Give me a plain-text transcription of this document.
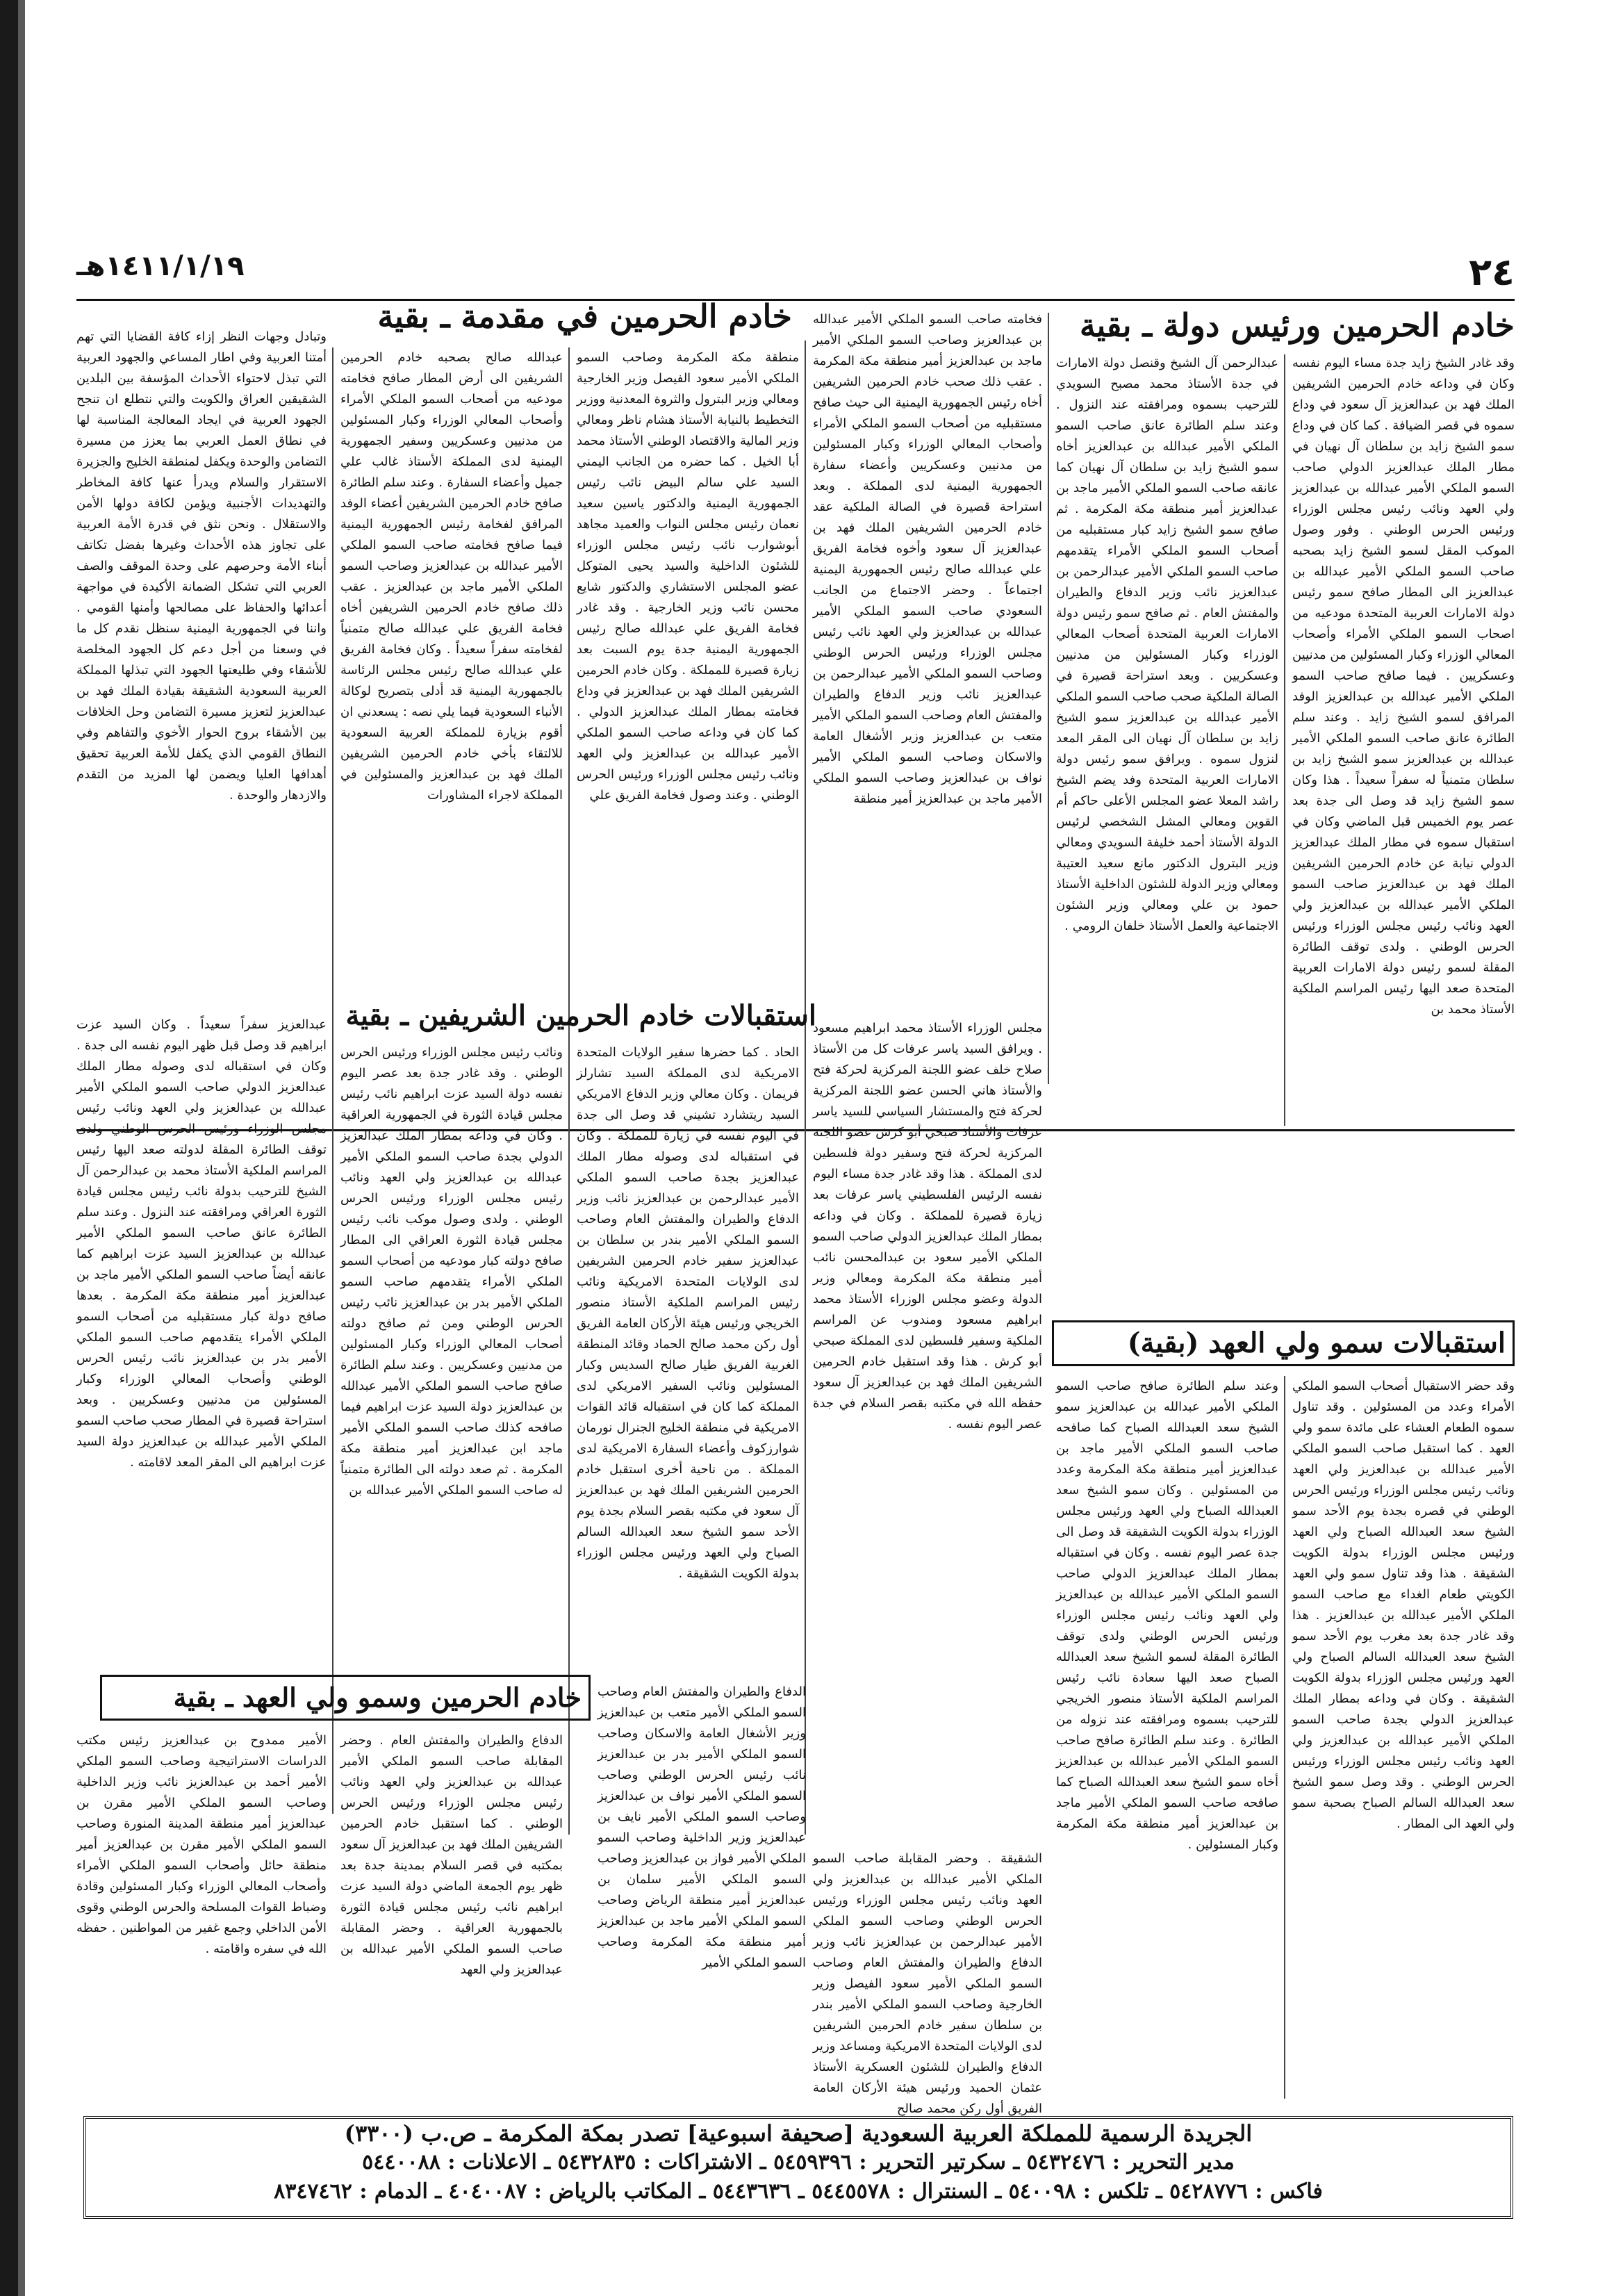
٢٤
١٤١١/١/١٩هـ
خادم الحرمين ورئيس دولة ـ بقية
خادم الحرمين في مقدمة ـ بقية

وقد غادر الشيخ زايد جدة مساء اليوم نفسه وكان في وداعه خادم الحرمين الشريفين الملك فهد بن عبدالعزيز آل سعود في وداع سموه في قصر الضيافة . كما كان في وداع سمو الشيخ زايد بن سلطان آل نهيان في مطار الملك عبدالعزيز الدولي صاحب السمو الملكي الأمير عبدالله بن عبدالعزيز ولي العهد ونائب رئيس مجلس الوزراء ورئيس الحرس الوطني . وفور وصول الموكب المقل لسمو الشيخ زايد بصحبه صاحب السمو الملكي الأمير عبدالله بن عبدالعزيز الى المطار صافح سمو رئيس دولة الامارات العربية المتحدة مودعيه من اصحاب السمو الملكي الأمراء وأصحاب المعالي الوزراء وكبار المسئولين من مدنيين وعسكريين . فيما صافح صاحب السمو الملكي الأمير عبدالله بن عبدالعزيز الوفد المرافق لسمو الشيخ زايد . وعند سلم الطائرة عانق صاحب السمو الملكي الأمير عبدالله بن عبدالعزيز سمو الشيخ زايد بن سلطان متمنياً له سفراً سعيداً . هذا وكان سمو الشيخ زايد قد وصل الى جدة بعد عصر يوم الخميس قبل الماضي وكان في استقبال سموه في مطار الملك عبدالعزيز الدولي نيابة عن خادم الحرمين الشريفين الملك فهد بن عبدالعزيز صاحب السمو الملكي الأمير عبدالله بن عبدالعزيز ولي العهد ونائب رئيس مجلس الوزراء ورئيس الحرس الوطني . ولدى توقف الطائرة المقلة لسمو رئيس دولة الامارات العربية المتحدة صعد اليها رئيس المراسم الملكية الأستاذ محمد بن

عبدالرحمن آل الشيخ وقنصل دولة الامارات في جدة الأستاذ محمد مصبح السويدي للترحيب بسموه ومرافقته عند النزول . وعند سلم الطائرة عانق صاحب السمو الملكي الأمير عبدالله بن عبدالعزيز أخاه سمو الشيخ زايد بن سلطان آل نهيان كما عانقه صاحب السمو الملكي الأمير ماجد بن عبدالعزيز أمير منطقة مكة المكرمة . ثم صافح سمو الشيخ زايد كبار مستقبليه من أصحاب السمو الملكي الأمراء يتقدمهم صاحب السمو الملكي الأمير عبدالرحمن بن عبدالعزيز نائب وزير الدفاع والطيران والمفتش العام . ثم صافح سمو رئيس دولة الامارات العربية المتحدة أصحاب المعالي الوزراء وكبار المسئولين من مدنيين وعسكريين . وبعد استراحة قصيرة في الصالة الملكية صحب صاحب السمو الملكي الأمير عبدالله بن عبدالعزيز سمو الشيخ زايد بن سلطان آل نهيان الى المقر المعد لنزول سموه . ويرافق سمو رئيس دولة الامارات العربية المتحدة وفد يضم الشيخ راشد المعلا عضو المجلس الأعلى حاكم أم القوين ومعالي المشل الشخصي لرئيس الدولة الأستاذ أحمد خليفة السويدي ومعالي وزير البترول الدكتور مانع سعيد العتيبة ومعالي وزير الدولة للشئون الداخلية الأستاذ حمود بن علي ومعالي وزير الشئون الاجتماعية والعمل الأستاذ خلفان الرومي .

فخامته صاحب السمو الملكي الأمير عبدالله بن عبدالعزيز وصاحب السمو الملكي الأمير ماجد بن عبدالعزيز أمير منطقة مكة المكرمة . عقب ذلك صحب خادم الحرمين الشريفين أخاه رئيس الجمهورية اليمنية الى حيث صافح مستقبليه من أصحاب السمو الملكي الأمراء وأصحاب المعالي الوزراء وكبار المسئولين من مدنيين وعسكريين وأعضاء سفارة الجمهورية اليمنية لدى المملكة . وبعد استراحة قصيرة في الصالة الملكية عقد خادم الحرمين الشريفين الملك فهد بن عبدالعزيز آل سعود وأخوه فخامة الفريق علي عبدالله صالح رئيس الجمهورية اليمنية اجتماعاً . وحضر الاجتماع من الجانب السعودي صاحب السمو الملكي الأمير عبدالله بن عبدالعزيز ولي العهد نائب رئيس مجلس الوزراء ورئيس الحرس الوطني وصاحب السمو الملكي الأمير عبدالرحمن بن عبدالعزيز نائب وزير الدفاع والطيران والمفتش العام وصاحب السمو الملكي الأمير متعب بن عبدالعزيز وزير الأشغال العامة والاسكان وصاحب السمو الملكي الأمير نواف بن عبدالعزيز وصاحب السمو الملكي الأمير ماجد بن عبدالعزيز أمير منطقة

منطقة مكة المكرمة وصاحب السمو الملكي الأمير سعود الفيصل وزير الخارجية ومعالي وزير البترول والثروة المعدنية ووزير التخطيط بالنيابة الأستاذ هشام ناظر ومعالي وزير المالية والاقتصاد الوطني الأستاذ محمد أبا الخيل . كما حضره من الجانب اليمني السيد علي سالم البيض نائب رئيس الجمهورية اليمنية والدكتور ياسين سعيد نعمان رئيس مجلس النواب والعميد مجاهد أبوشوارب نائب رئيس مجلس الوزراء للشئون الداخلية والسيد يحيى المتوكل عضو المجلس الاستشاري والدكتور شايع محسن نائب وزير الخارجية . وقد غادر فخامة الفريق علي عبدالله صالح رئيس الجمهورية اليمنية جدة يوم السبت بعد زيارة قصيرة للمملكة . وكان خادم الحرمين الشريفين الملك فهد بن عبدالعزيز في وداع فخامته بمطار الملك عبدالعزيز الدولي . كما كان في وداعه صاحب السمو الملكي الأمير عبدالله بن عبدالعزيز ولي العهد ونائب رئيس مجلس الوزراء ورئيس الحرس الوطني . وعند وصول فخامة الفريق علي

عبدالله صالح بصحبه خادم الحرمين الشريفين الى أرض المطار صافح فخامته مودعيه من أصحاب السمو الملكي الأمراء وأصحاب المعالي الوزراء وكبار المسئولين من مدنيين وعسكريين وسفير الجمهورية اليمنية لدى المملكة الأستاذ غالب علي جميل وأعضاء السفارة . وعند سلم الطائرة صافح خادم الحرمين الشريفين أعضاء الوفد المرافق لفخامة رئيس الجمهورية اليمنية فيما صافح فخامته صاحب السمو الملكي الأمير عبدالله بن عبدالعزيز وصاحب السمو الملكي الأمير ماجد بن عبدالعزيز . عقب ذلك صافح خادم الحرمين الشريفين أخاه فخامة الفريق علي عبدالله صالح متمنياً لفخامته سفراً سعيداً . وكان فخامة الفريق علي عبدالله صالح رئيس مجلس الرئاسة بالجمهورية اليمنية قد أدلى بتصريح لوكالة الأنباء السعودية فيما يلي نصه : يسعدني ان أقوم بزيارة للمملكة العربية السعودية للالتقاء بأخي خادم الحرمين الشريفين الملك فهد بن عبدالعزيز والمسئولين في المملكة لاجراء المشاورات

وتبادل وجهات النظر إزاء كافة القضايا التي تهم أمتنا العربية وفي اطار المساعي والجهود العربية التي تبذل لاحتواء الأحداث المؤسفة بين البلدين الشقيقين العراق والكويت والتي نتطلع ان تنجح الجهود العربية في ايجاد المعالجة المناسبة لها في نطاق العمل العربي بما يعزز من مسيرة التضامن والوحدة ويكفل لمنطقة الخليج والجزيرة الاستقرار والسلام ويدرأ عنها كافة المخاطر والتهديدات الأجنبية ويؤمن لكافة دولها الأمن والاستقلال . ونحن نثق في قدرة الأمة العربية على تجاوز هذه الأحداث وغيرها بفضل تكاتف أبناء الأمة وحرصهم على وحدة الموقف والصف العربي التي تشكل الضمانة الأكيدة في مواجهة أعدائها والحفاظ على مصالحها وأمنها القومي . واننا في الجمهورية اليمنية سنظل نقدم كل ما في وسعنا من أجل دعم كل الجهود المخلصة للأشقاء وفي طليعتها الجهود التي تبذلها المملكة العربية السعودية الشقيقة بقيادة الملك فهد بن عبدالعزيز لتعزيز مسيرة التضامن وحل الخلافات بين الأشقاء بروح الحوار الأخوي والتفاهم وفي النطاق القومي الذي يكفل للأمة العربية تحقيق أهدافها العليا ويضمن لها المزيد من التقدم والازدهار والوحدة .

استقبالات خادم الحرمين الشريفين ـ بقية

مجلس الوزراء الأستاذ محمد ابراهيم مسعود . ويرافق السيد ياسر عرفات كل من الأستاذ صلاح خلف عضو اللجنة المركزية لحركة فتح والأستاذ هاني الحسن عضو اللجنة المركزية لحركة فتح والمستشار السياسي للسيد ياسر عرفات والأستاذ صبحي أبو كرش عضو اللجنة المركزية لحركة فتح وسفير دولة فلسطين لدى المملكة . هذا وقد غادر جدة مساء اليوم نفسه الرئيس الفلسطيني ياسر عرفات بعد زيارة قصيرة للمملكة . وكان في وداعه بمطار الملك عبدالعزيز الدولي صاحب السمو الملكي الأمير سعود بن عبدالمحسن نائب أمير منطقة مكة المكرمة ومعالي وزير الدولة وعضو مجلس الوزراء الأستاذ محمد ابراهيم مسعود ومندوب عن المراسم الملكية وسفير فلسطين لدى المملكة صبحي أبو كرش . هذا وقد استقبل خادم الحرمين الشريفين الملك فهد بن عبدالعزيز آل سعود حفظه الله في مكتبه بقصر السلام في جدة عصر اليوم نفسه .

الحاد . كما حضرها سفير الولايات المتحدة الامريكية لدى المملكة السيد تشارلز فريمان . وكان معالي وزير الدفاع الامريكي السيد ريتشارد تشيني قد وصل الى جدة في اليوم نفسه في زيارة للمملكة . وكان في استقباله لدى وصوله مطار الملك عبدالعزيز بجدة صاحب السمو الملكي الأمير عبدالرحمن بن عبدالعزيز نائب وزير الدفاع والطيران والمفتش العام وصاحب السمو الملكي الأمير بندر بن سلطان بن عبدالعزيز سفير خادم الحرمين الشريفين لدى الولايات المتحدة الامريكية ونائب رئيس المراسم الملكية الأستاذ منصور الخريجي ورئيس هيئة الأركان العامة الفريق أول ركن محمد صالح الحماد وقائد المنطقة الغربية الفريق طيار صالح السديس وكبار المسئولين ونائب السفير الامريكي لدى المملكة كما كان في استقباله قائد القوات الامريكية في منطقة الخليج الجنرال نورمان شوارزكوف وأعضاء السفارة الامريكية لدى المملكة . من ناحية أخرى استقبل خادم الحرمين الشريفين الملك فهد بن عبدالعزيز آل سعود في مكتبه بقصر السلام بجدة يوم الأحد سمو الشيخ سعد العبدالله السالم الصباح ولي العهد ورئيس مجلس الوزراء بدولة الكويت الشقيقة .

ونائب رئيس مجلس الوزراء ورئيس الحرس الوطني . وقد غادر جدة بعد عصر اليوم نفسه دولة السيد عزت ابراهيم نائب رئيس مجلس قيادة الثورة في الجمهورية العراقية . وكان في وداعه بمطار الملك عبدالعزيز الدولي بجدة صاحب السمو الملكي الأمير عبدالله بن عبدالعزيز ولي العهد ونائب رئيس مجلس الوزراء ورئيس الحرس الوطني . ولدى وصول موكب نائب رئيس مجلس قيادة الثورة العراقي الى المطار صافح دولته كبار مودعيه من أصحاب السمو الملكي الأمراء يتقدمهم صاحب السمو الملكي الأمير بدر بن عبدالعزيز نائب رئيس الحرس الوطني ومن ثم صافح دولته أصحاب المعالي الوزراء وكبار المسئولين من مدنيين وعسكريين . وعند سلم الطائرة صافح صاحب السمو الملكي الأمير عبدالله بن عبدالعزيز دولة السيد عزت ابراهيم فيما صافحه كذلك صاحب السمو الملكي الأمير ماجد ابن عبدالعزيز أمير منطقة مكة المكرمة . ثم صعد دولته الى الطائرة متمنياً له صاحب السمو الملكي الأمير عبدالله بن

عبدالعزيز سفراً سعيداً . وكان السيد عزت ابراهيم قد وصل قبل ظهر اليوم نفسه الى جدة . وكان في استقباله لدى وصوله مطار الملك عبدالعزيز الدولي صاحب السمو الملكي الأمير عبدالله بن عبدالعزيز ولي العهد ونائب رئيس مجلس الوزراء ورئيس الحرس الوطني ولدى توقف الطائرة المقلة لدولته صعد اليها رئيس المراسم الملكية الأستاذ محمد بن عبدالرحمن آل الشيخ للترحيب بدولة نائب رئيس مجلس قيادة الثورة العراقي ومرافقته عند النزول . وعند سلم الطائرة عانق صاحب السمو الملكي الأمير عبدالله بن عبدالعزيز السيد عزت ابراهيم كما عانقه أيضاً صاحب السمو الملكي الأمير ماجد بن عبدالعزيز أمير منطقة مكة المكرمة . بعدها صافح دولة كبار مستقبليه من أصحاب السمو الملكي الأمراء يتقدمهم صاحب السمو الملكي الأمير بدر بن عبدالعزيز نائب رئيس الحرس الوطني وأصحاب المعالي الوزراء وكبار المسئولين من مدنيين وعسكريين . وبعد استراحة قصيرة في المطار صحب صاحب السمو الملكي الأمير عبدالله بن عبدالعزيز دولة السيد عزت ابراهيم الى المقر المعد لاقامته .

استقبالات سمو ولي العهد (بقية)

وقد حضر الاستقبال أصحاب السمو الملكي الأمراء وعدد من المسئولين . وقد تناول سموه الطعام العشاء على مائدة سمو ولي العهد . كما استقبل صاحب السمو الملكي الأمير عبدالله بن عبدالعزيز ولي العهد ونائب رئيس مجلس الوزراء ورئيس الحرس الوطني في قصره بجدة يوم الأحد سمو الشيخ سعد العبدالله الصباح ولي العهد ورئيس مجلس الوزراء بدولة الكويت الشقيقة . هذا وقد تناول سمو ولي العهد الكويتي طعام الغداء مع صاحب السمو الملكي الأمير عبدالله بن عبدالعزيز . هذا وقد غادر جدة بعد مغرب يوم الأحد سمو الشيخ سعد العبدالله السالم الصباح ولي العهد ورئيس مجلس الوزراء بدولة الكويت الشقيقة . وكان في وداعه بمطار الملك عبدالعزيز الدولي بجدة صاحب السمو الملكي الأمير عبدالله بن عبدالعزيز ولي العهد ونائب رئيس مجلس الوزراء ورئيس الحرس الوطني . وقد وصل سمو الشيخ سعد العبدالله السالم الصباح بصحبة سمو ولي العهد الى المطار .

وعند سلم الطائرة صافح صاحب السمو الملكي الأمير عبدالله بن عبدالعزيز سمو الشيخ سعد العبدالله الصباح كما صافحه صاحب السمو الملكي الأمير ماجد بن عبدالعزيز أمير منطقة مكة المكرمة وعدد من المسئولين . وكان سمو الشيخ سعد العبدالله الصباح ولي العهد ورئيس مجلس الوزراء بدولة الكويت الشقيقة قد وصل الى جدة عصر اليوم نفسه . وكان في استقباله بمطار الملك عبدالعزيز الدولي صاحب السمو الملكي الأمير عبدالله بن عبدالعزيز ولي العهد ونائب رئيس مجلس الوزراء ورئيس الحرس الوطني ولدى توقف الطائرة المقلة لسمو الشيخ سعد العبدالله الصباح صعد اليها سعادة نائب رئيس المراسم الملكية الأستاذ منصور الخريجي للترحيب بسموه ومرافقته عند نزوله من الطائرة . وعند سلم الطائرة صافح صاحب السمو الملكي الأمير عبدالله بن عبدالعزيز أخاه سمو الشيخ سعد العبدالله الصباح كما صافحه صاحب السمو الملكي الأمير ماجد بن عبدالعزيز أمير منطقة مكة المكرمة وكبار المسئولين .

خادم الحرمين وسمو ولي العهد ـ بقية	الدفاع والطيران والمفتش العام وصاحب السمو الملكي الأمير متعب بن عبدالعزيز وزير الأشغال العامة والاسكان وصاحب السمو الملكي الأمير بدر بن عبدالعزيز نائب رئيس الحرس الوطني وصاحب السمو الملكي الأمير نواف بن عبدالعزيز وصاحب السمو الملكي الأمير نايف بن عبدالعزيز وزير الداخلية وصاحب السمو الملكي الأمير فواز بن عبدالعزيز وصاحب السمو الملكي الأمير سلمان بن عبدالعزيز أمير منطقة الرياض وصاحب السمو الملكي الأمير ماجد بن عبدالعزيز أمير منطقة مكة المكرمة وصاحب السمو الملكي الأمير

الأمير ممدوح بن عبدالعزيز رئيس مكتب الدراسات الاستراتيجية وصاحب السمو الملكي الأمير أحمد بن عبدالعزيز نائب وزير الداخلية وصاحب السمو الملكي الأمير مقرن بن عبدالعزيز أمير منطقة المدينة المنورة وصاحب السمو الملكي الأمير مقرن بن عبدالعزيز أمير منطقة حائل وأصحاب السمو الملكي الأمراء وأصحاب المعالي الوزراء وكبار المسئولين وقادة وضباط القوات المسلحة والحرس الوطني وقوى الأمن الداخلي وجمع غفير من المواطنين . حفظه الله في سفره واقامته .

الدفاع والطيران والمفتش العام . وحضر المقابلة صاحب السمو الملكي الأمير عبدالله بن عبدالعزيز ولي العهد ونائب رئيس مجلس الوزراء ورئيس الحرس الوطني . كما استقبل خادم الحرمين الشريفين الملك فهد بن عبدالعزيز آل سعود بمكتبه في قصر السلام بمدينة جدة بعد ظهر يوم الجمعة الماضي دولة السيد عزت ابراهيم نائب رئيس مجلس قيادة الثورة بالجمهورية العراقية . وحضر المقابلة صاحب السمو الملكي الأمير عبدالله بن عبدالعزيز ولي العهد

الشقيقة . وحضر المقابلة صاحب السمو الملكي الأمير عبدالله بن عبدالعزيز ولي العهد ونائب رئيس مجلس الوزراء ورئيس الحرس الوطني وصاحب السمو الملكي الأمير عبدالرحمن بن عبدالعزيز نائب وزير الدفاع والطيران والمفتش العام وصاحب السمو الملكي الأمير سعود الفيصل وزير الخارجية وصاحب السمو الملكي الأمير بندر بن سلطان سفير خادم الحرمين الشريفين لدى الولايات المتحدة الامريكية ومساعد وزير الدفاع والطيران للشئون العسكرية الأستاذ عثمان الحميد ورئيس هيئة الأركان العامة الفريق أول ركن محمد صالح

الجريدة الرسمية للمملكة العربية السعودية [صحيفة اسبوعية] تصدر بمكة المكرمة ـ ص.ب (٣٣٠٠)
مدير التحرير : ٥٤٣٢٤٧٦ ـ سكرتير التحرير : ٥٤٥٩٣٩٦ ـ الاشتراكات : ٥٤٣٢٨٣٥ ـ الاعلانات : ٥٤٤٠٠٨٨
فاكس : ٥٤٢٨٧٧٦ ـ تلكس : ٥٤٠٠٩٨ ـ السنترال : ٥٤٤٥٥٧٨ ـ ٥٤٤٣٦٣٦ ـ المكاتب بالرياض : ٤٠٤٠٠٨٧ ـ الدمام : ٨٣٤٧٤٦٢
